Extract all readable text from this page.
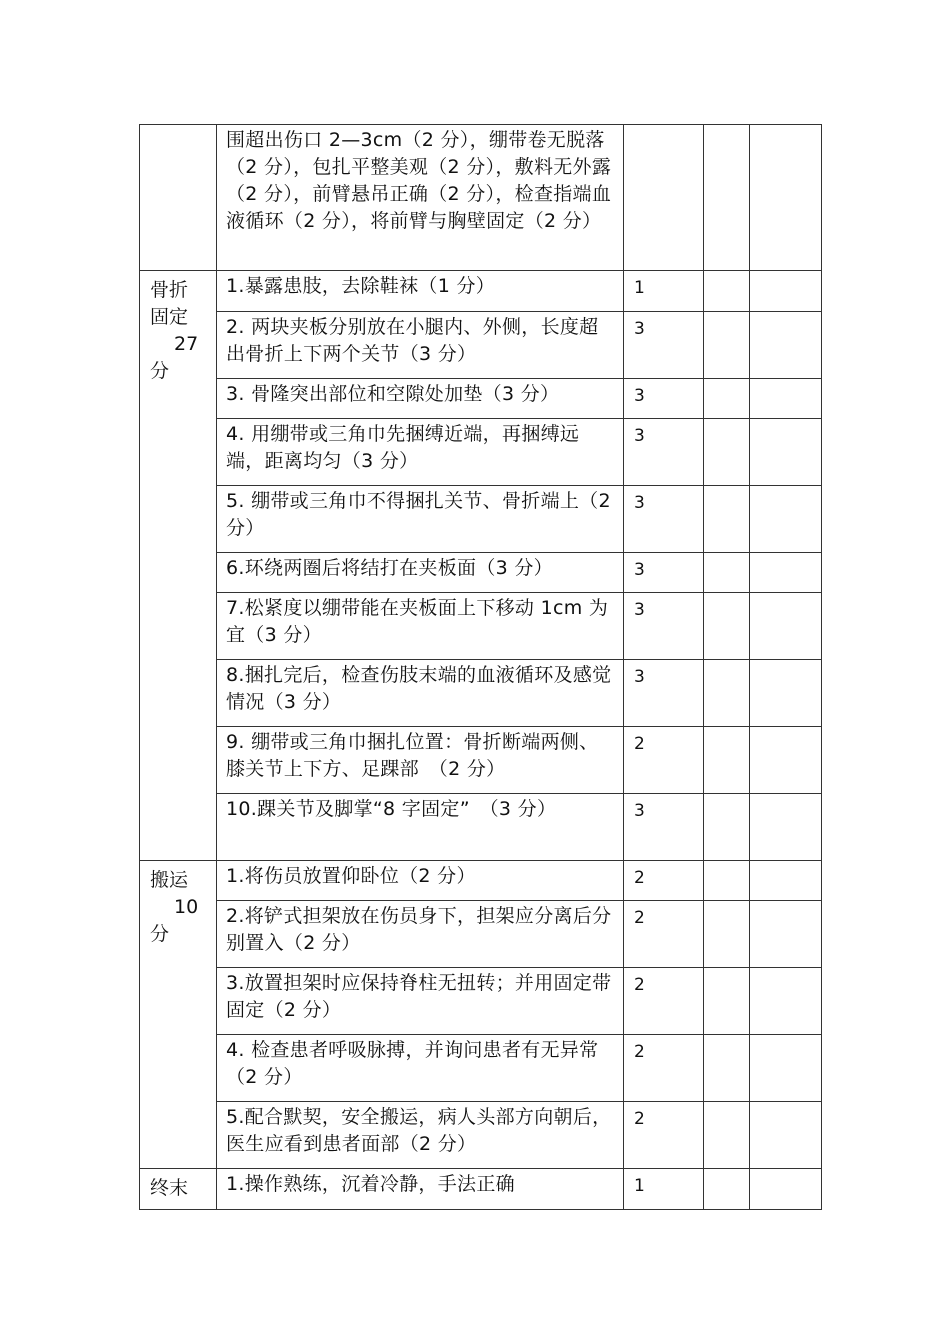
	围超出伤口 2—3cm（2 分），绷带卷无脱落（2 分），包扎平整美观（2 分），敷料无外露（2 分），前臂悬吊正确（2 分），检查指端血液循环（2 分），将前臂与胸壁固定（2 分）			
骨折
固定
27
分	1.暴露患肢，去除鞋袜（1 分）	1		
	2. 两块夹板分别放在小腿内、外侧，长度超出骨折上下两个关节（3 分）	3		
	3. 骨隆突出部位和空隙处加垫（3 分）	3		
	4. 用绷带或三角巾先捆缚近端，再捆缚远端，距离均匀（3 分）	3		
	5. 绷带或三角巾不得捆扎关节、骨折端上（2 分）	3		
	6.环绕两圈后将结打在夹板面（3 分）	3		
	7.松紧度以绷带能在夹板面上下移动 1cm 为宜（3 分）	3		
	8.捆扎完后，检查伤肢末端的血液循环及感觉情况（3 分）	3		
	9. 绷带或三角巾捆扎位置：骨折断端两侧、膝关节上下方、足踝部　（2 分）	2		
	10.踝关节及脚掌“8 字固定”　（3 分）	3		
搬运
10
分	1.将伤员放置仰卧位（2 分）	2		
	2.将铲式担架放在伤员身下，担架应分离后分别置入（2 分）	2		
	3.放置担架时应保持脊柱无扭转；并用固定带固定（2 分）	2		
	4. 检查患者呼吸脉搏，并询问患者有无异常（2 分）	2		
	5.配合默契，安全搬运，病人头部方向朝后，医生应看到患者面部（2 分）	2		
终末	1.操作熟练，沉着冷静，手法正确	1		
